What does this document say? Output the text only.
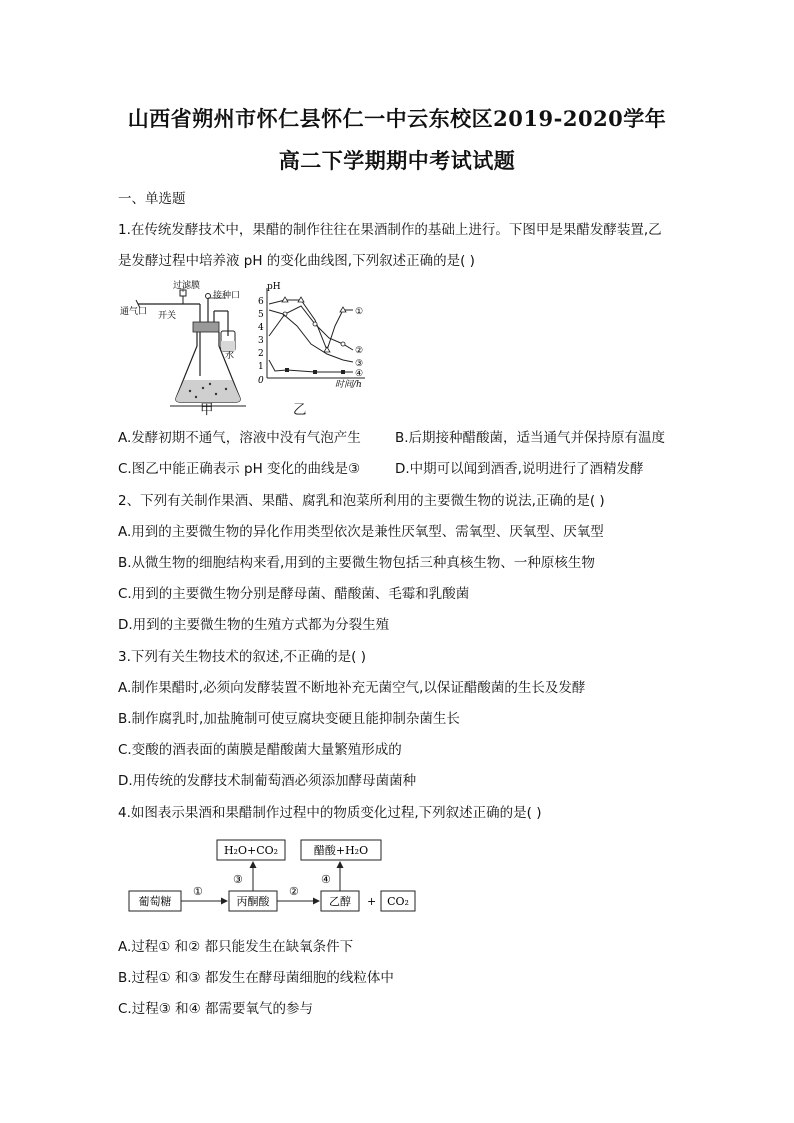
山西省朔州市怀仁县怀仁一中云东校区2019-2020学年
高二下学期期中考试试题
一、单选题
1.在传统发酵技术中，果醋的制作往往在果酒制作的基础上进行。下图甲是果醋发酵装置,乙
是发酵过程中培养液 pH 的变化曲线图,下列叙述正确的是( )
过滤膜
接种口
通气口 开关
水
甲
pH
时间/h
0
6
5
4
3
2
1
①
②
③
④
乙
A.发酵初期不通气，溶液中没有气泡产生	B.后期接种醋酸菌，适当通气并保持原有温度
C.图乙中能正确表示 pH 变化的曲线是③	D.中期可以闻到酒香,说明进行了酒精发酵
2、下列有关制作果酒、果醋、腐乳和泡菜所利用的主要微生物的说法,正确的是( )
A.用到的主要微生物的异化作用类型依次是兼性厌氧型、需氧型、厌氧型、厌氧型
B.从微生物的细胞结构来看,用到的主要微生物包括三种真核生物、一种原核生物
C.用到的主要微生物分别是酵母菌、醋酸菌、毛霉和乳酸菌
D.用到的主要微生物的生殖方式都为分裂生殖
3.下列有关生物技术的叙述,不正确的是( )
A.制作果醋时,必须向发酵装置不断地补充无菌空气,以保证醋酸菌的生长及发酵
B.制作腐乳时,加盐腌制可使豆腐块变硬且能抑制杂菌生长
C.变酸的酒表面的菌膜是醋酸菌大量繁殖形成的
D.用传统的发酵技术制葡萄酒必须添加酵母菌菌种
4.如图表示果酒和果醋制作过程中的物质变化过程,下列叙述正确的是( )
H₂O+CO₂	醋酸+H₂O
葡萄糖	丙酮酸	乙醇 + CO₂
①	②
③	④
A.过程① 和② 都只能发生在缺氧条件下
B.过程① 和③ 都发生在酵母菌细胞的线粒体中
C.过程③ 和④ 都需要氧气的参与
